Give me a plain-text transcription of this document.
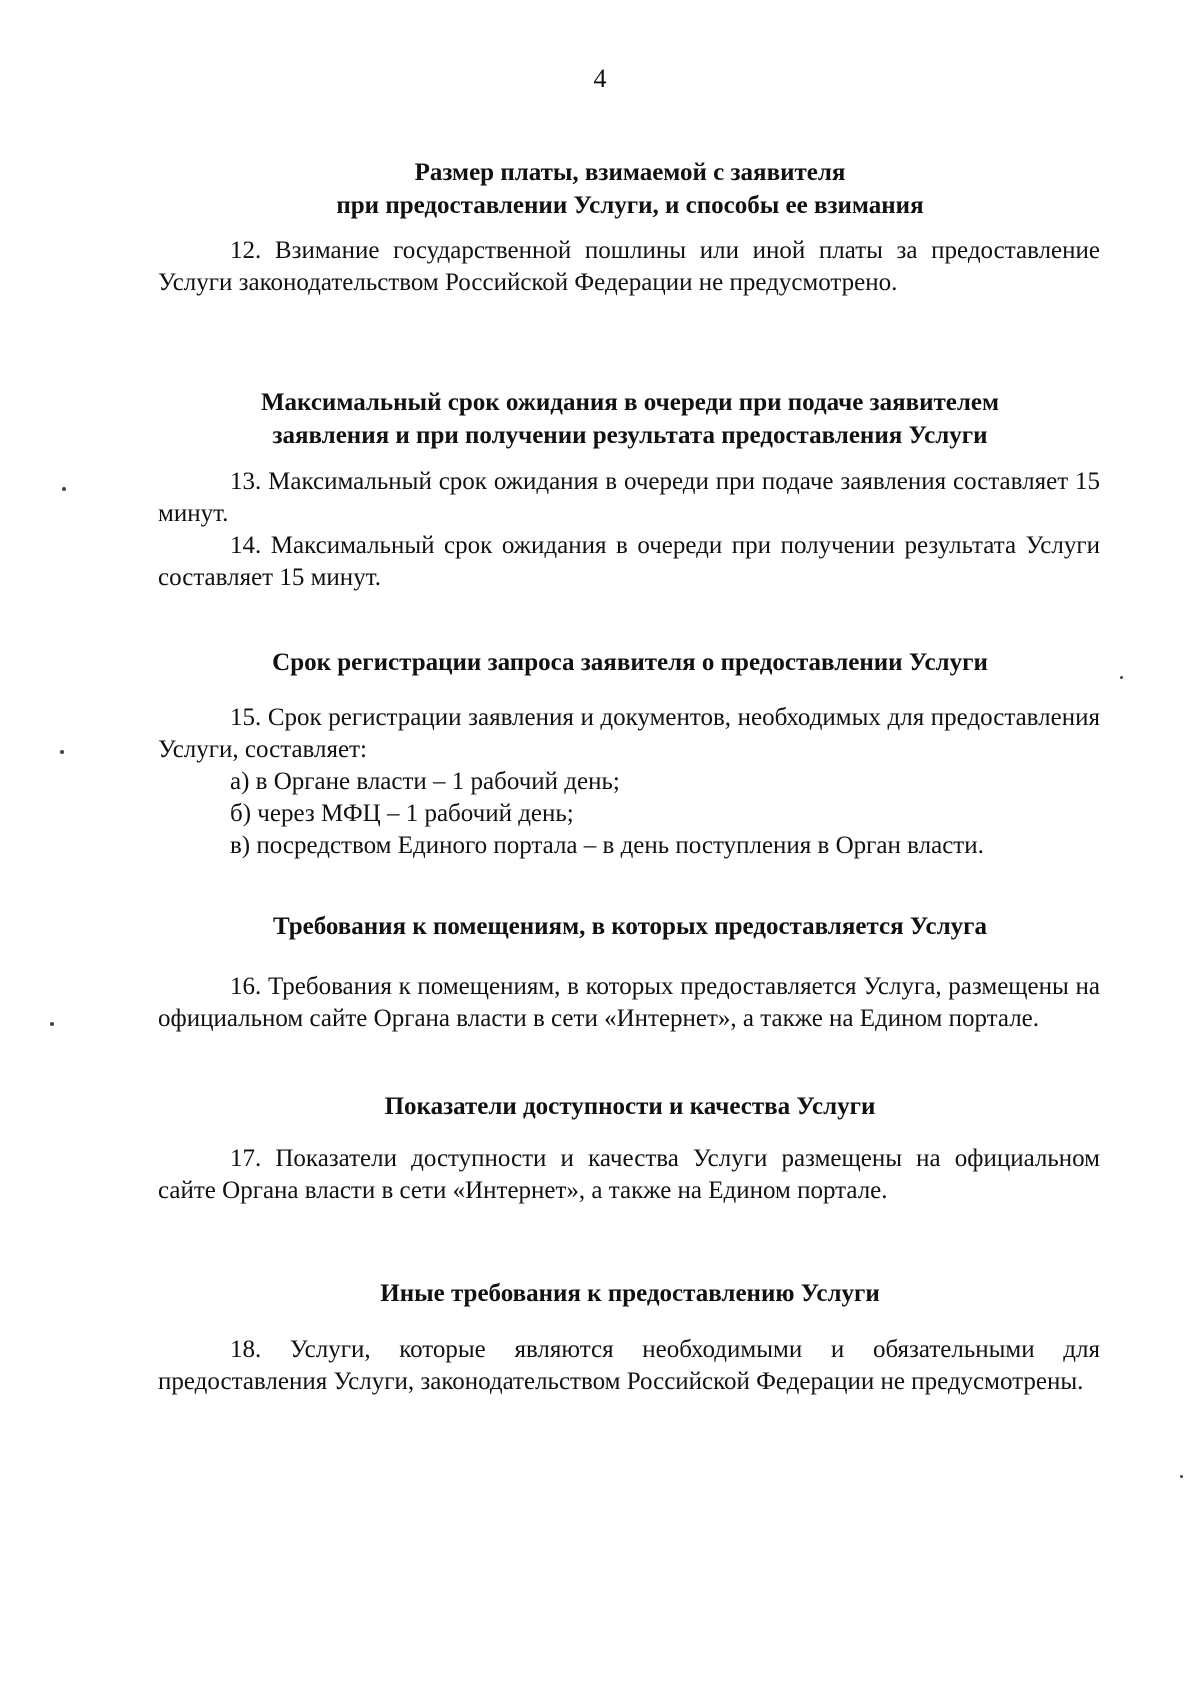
4
Размер платы, взимаемой с заявителя
при предоставлении Услуги, и способы ее взимания
12. Взимание государственной пошлины или иной платы за предоставление Услуги законодательством Российской Федерации не предусмотрено.
Максимальный срок ожидания в очереди при подаче заявителем
заявления и при получении результата предоставления Услуги
13. Максимальный срок ожидания в очереди при подаче заявления составляет 15 минут.
14. Максимальный срок ожидания в очереди при получении результата Услуги составляет 15 минут.
Срок регистрации запроса заявителя о предоставлении Услуги
15. Срок регистрации заявления и документов, необходимых для предоставления Услуги, составляет:
а) в Органе власти – 1 рабочий день;
б) через МФЦ – 1 рабочий день;
в) посредством Единого портала – в день поступления в Орган власти.
Требования к помещениям, в которых предоставляется Услуга
16. Требования к помещениям, в которых предоставляется Услуга, размещены на официальном сайте Органа власти в сети «Интернет», а также на Едином портале.
Показатели доступности и качества Услуги
17. Показатели доступности и качества Услуги размещены на официальном сайте Органа власти в сети «Интернет», а также на Едином портале.
Иные требования к предоставлению Услуги
18. Услуги, которые являются необходимыми и обязательными для предоставления Услуги, законодательством Российской Федерации не предусмотрены.
